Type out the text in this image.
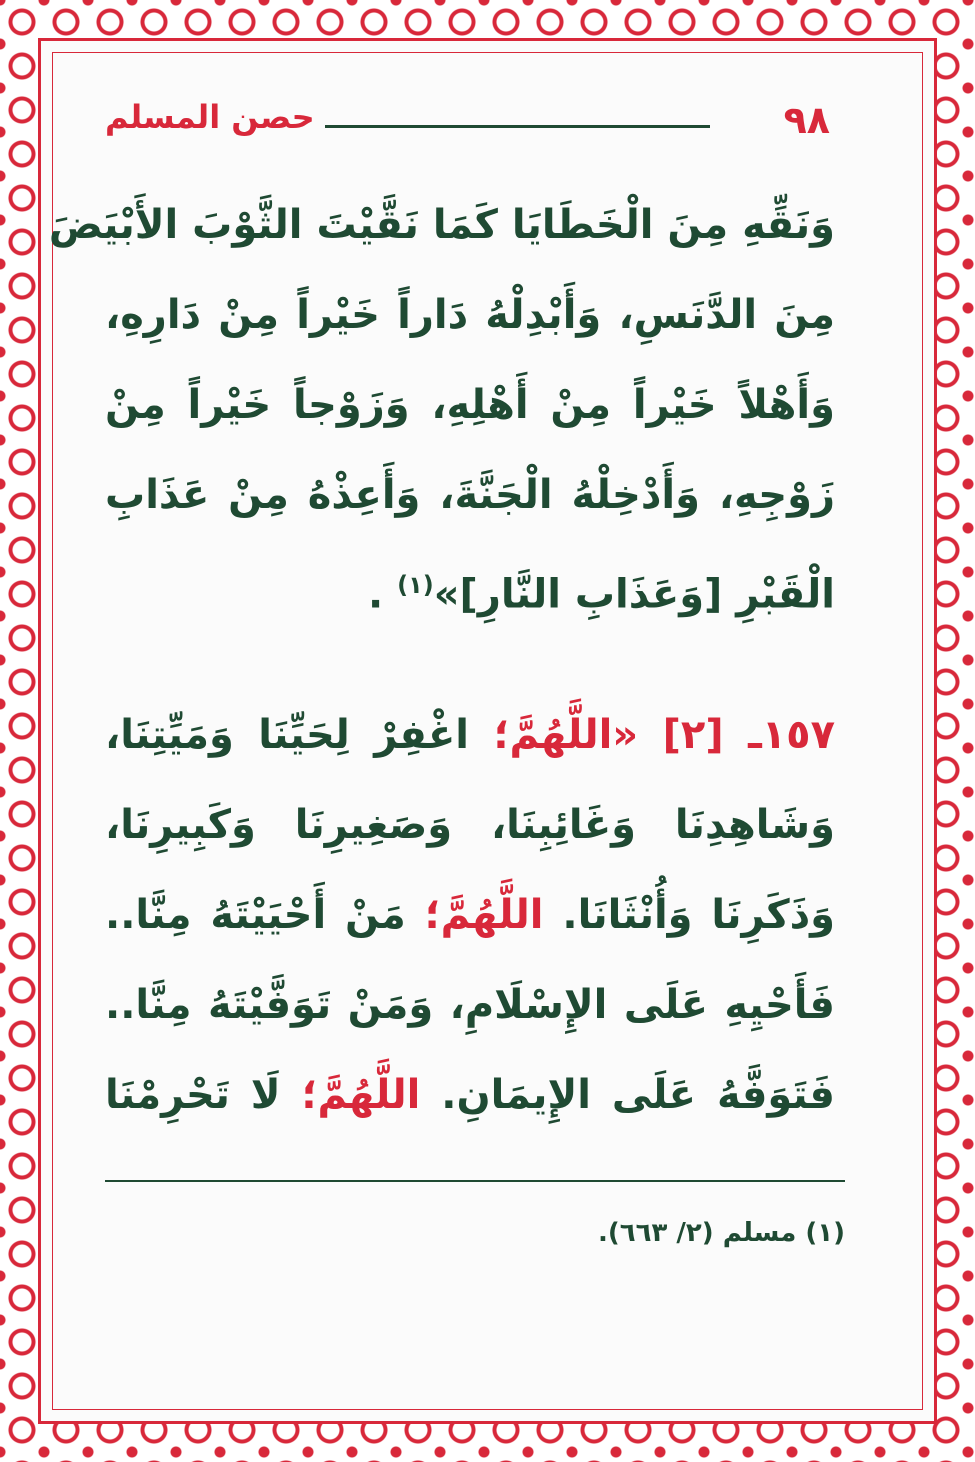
٩٨
حصن المسلم
وَنَقِّهِ مِنَ الْخَطَايَا كَمَا نَقَّيْتَ الثَّوْبَ الأَبْيَضَ
مِنَ الدَّنَسِ، وَأَبْدِلْهُ دَاراً خَيْراً مِنْ دَارِهِ،
وَأَهْلاً خَيْراً مِنْ أَهْلِهِ، وَزَوْجاً خَيْراً مِنْ
زَوْجِهِ، وَأَدْخِلْهُ الْجَنَّةَ، وَأَعِذْهُ مِنْ عَذَابِ
الْقَبْرِ [وَعَذَابِ النَّارِ]»$^{(١)}$ .
١٥٧ـ [٢] «اللَّهُمَّ؛ اغْفِرْ لِحَيِّنَا وَمَيِّتِنَا،
وَشَاهِدِنَا وَغَائِبِنَا، وَصَغِيرِنَا وَكَبِيرِنَا،
وَذَكَرِنَا وَأُنْثَانَا. اللَّهُمَّ؛ مَنْ أَحْيَيْتَهُ مِنَّا..
فَأَحْيِهِ عَلَى الإِسْلَامِ، وَمَنْ تَوَفَّيْتَهُ مِنَّا..
فَتَوَفَّهُ عَلَى الإِيمَانِ. اللَّهُمَّ؛ لَا تَحْرِمْنَا
(١) مسلم (٢/ ٦٦٣).
